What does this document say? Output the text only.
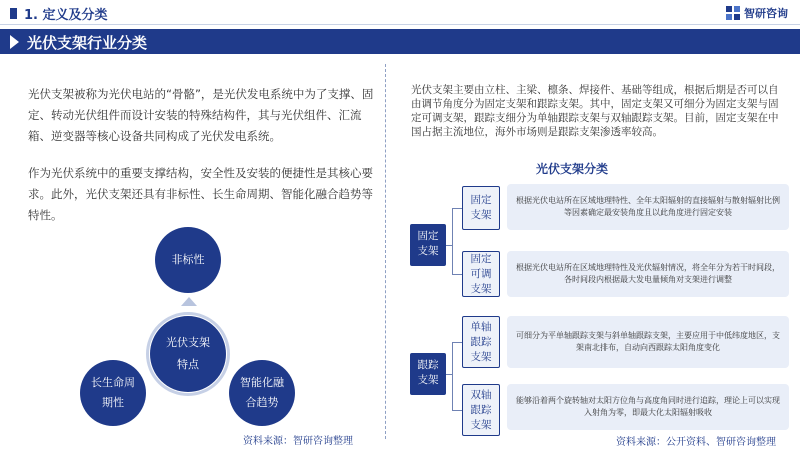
1. 定义及分类	智研咨询
光伏支架行业分类
光伏支架被称为光伏电站的“骨骼”，是光伏发电系统中为了支撑、固定、转动光伏组件而设计安装的特殊结构件，其与光伏组件、汇流箱、逆变器等核心设备共同构成了光伏发电系统。
作为光伏系统中的重要支撑结构，安全性及安装的便捷性是其核心要求。此外，光伏支架还具有非标性、长生命周期、智能化融合趋势等特性。
非标性
光伏支架
特点
长生命周
期性
智能化融
合趋势
资料来源：智研咨询整理
光伏支架主要由立柱、主梁、檩条、焊接件、基础等组成，根据后期是否可以自由调节角度分为固定支架和跟踪支架。其中，固定支架又可细分为固定支架与固定可调支架，跟踪支细分为单轴跟踪支架与双轴跟踪支架。目前，固定支架在中国占据主流地位，海外市场则是跟踪支架渗透率较高。
光伏支架分类
固定
支架
跟踪
支架
固定
支架
固定
可调
支架
单轴
跟踪
支架
双轴
跟踪
支架
根据光伏电站所在区域地理特性、全年太阳辐射的直接辐射与散射辐射比例等因素确定最安装角度且以此角度进行固定安装
根据光伏电站所在区域地理特性及光伏辐射情况，将全年分为若干时间段，各时间段内根据最大发电量倾角对支架进行调整
可细分为平单轴跟踪支架与斜单轴跟踪支架，主要应用于中低纬度地区，支架南北排布，自动向西跟踪太阳角度变化
能够沿着两个旋转轴对太阳方位角与高度角同时进行追踪，理论上可以实现入射角为零，即最大化太阳辐射吸收
资料来源：公开资料、智研咨询整理
